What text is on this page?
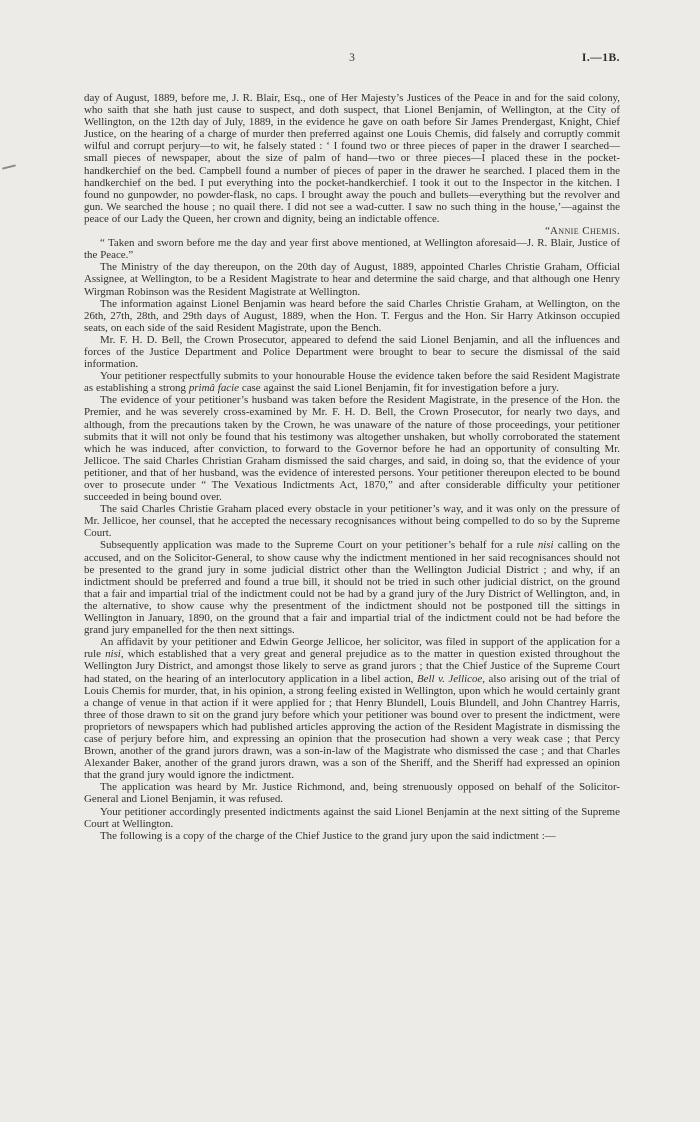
3	I.—1B.

day of August, 1889, before me, J. R. Blair, Esq., one of Her Majesty’s Justices of the Peace in and for the said colony, who saith that she hath just cause to suspect, and doth suspect, that Lionel Benjamin, of Wellington, at the City of Wellington, on the 12th day of July, 1889, in the evidence he gave on oath before Sir James Prendergast, Knight, Chief Justice, on the hearing of a charge of murder then preferred against one Louis Chemis, did falsely and corruptly commit wilful and corrupt perjury—to wit, he falsely stated : ‘ I found two or three pieces of paper in the drawer I searched—small pieces of newspaper, about the size of palm of hand—two or three pieces—I placed these in the pocket-handkerchief on the bed. Campbell found a number of pieces of paper in the drawer he searched. I placed them in the handkerchief on the bed. I put everything into the pocket-handkerchief. I took it out to the Inspector in the kitchen. I found no gunpowder, no powder-flask, no caps. I brought away the pouch and bullets—everything but the revolver and gun. We searched the house ; no quail there. I did not see a wad-cutter. I saw no such thing in the house,’—against the peace of our Lady the Queen, her crown and dignity, being an indictable offence.

“Annie Chemis.

“ Taken and sworn before me the day and year first above mentioned, at Wellington aforesaid—J. R. Blair, Justice of the Peace.”

The Ministry of the day thereupon, on the 20th day of August, 1889, appointed Charles Christie Graham, Official Assignee, at Wellington, to be a Resident Magistrate to hear and determine the said charge, and that although one Henry Wirgman Robinson was the Resident Magistrate at Wellington.

The information against Lionel Benjamin was heard before the said Charles Christie Graham, at Wellington, on the 26th, 27th, 28th, and 29th days of August, 1889, when the Hon. T. Fergus and the Hon. Sir Harry Atkinson occupied seats, on each side of the said Resident Magistrate, upon the Bench.

Mr. F. H. D. Bell, the Crown Prosecutor, appeared to defend the said Lionel Benjamin, and all the influences and forces of the Justice Department and Police Department were brought to bear to secure the dismissal of the said information.

Your petitioner respectfully submits to your honourable House the evidence taken before the said Resident Magistrate as establishing a strong primâ facie case against the said Lionel Benjamin, fit for investigation before a jury.

The evidence of your petitioner’s husband was taken before the Resident Magistrate, in the presence of the Hon. the Premier, and he was severely cross-examined by Mr. F. H. D. Bell, the Crown Prosecutor, for nearly two days, and although, from the precautions taken by the Crown, he was unaware of the nature of those proceedings, your petitioner submits that it will not only be found that his testimony was altogether unshaken, but wholly corroborated the statement which he was induced, after conviction, to forward to the Governor before he had an opportunity of consulting Mr. Jellicoe. The said Charles Christian Graham dismissed the said charges, and said, in doing so, that the evidence of your petitioner, and that of her husband, was the evidence of interested persons. Your petitioner thereupon elected to be bound over to prosecute under “ The Vexatious Indictments Act, 1870,” and after considerable difficulty your petitioner succeeded in being bound over.

The said Charles Christie Graham placed every obstacle in your petitioner’s way, and it was only on the pressure of Mr. Jellicoe, her counsel, that he accepted the necessary recognisances without being compelled to do so by the Supreme Court.

Subsequently application was made to the Supreme Court on your petitioner’s behalf for a rule nisi calling on the accused, and on the Solicitor-General, to show cause why the indictment mentioned in her said recognisances should not be presented to the grand jury in some judicial district other than the Wellington Judicial District ; and why, if an indictment should be preferred and found a true bill, it should not be tried in such other judicial district, on the ground that a fair and impartial trial of the indictment could not be had by a grand jury of the Jury District of Wellington, and, in the alternative, to show cause why the presentment of the indictment should not be postponed till the sittings in Wellington in January, 1890, on the ground that a fair and impartial trial of the indictment could not be had before the grand jury empanelled for the then next sittings.

An affidavit by your petitioner and Edwin George Jellicoe, her solicitor, was filed in support of the application for a rule nisi, which established that a very great and general prejudice as to the matter in question existed throughout the Wellington Jury District, and amongst those likely to serve as grand jurors ; that the Chief Justice of the Supreme Court had stated, on the hearing of an interlocutory application in a libel action, Bell v. Jellicoe, also arising out of the trial of Louis Chemis for murder, that, in his opinion, a strong feeling existed in Wellington, upon which he would certainly grant a change of venue in that action if it were applied for ; that Henry Blundell, Louis Blundell, and John Chantrey Harris, three of those drawn to sit on the grand jury before which your petitioner was bound over to present the indictment, were proprietors of newspapers which had published articles approving the action of the Resident Magistrate in dismissing the case of perjury before him, and expressing an opinion that the prosecution had shown a very weak case ; that Percy Brown, another of the grand jurors drawn, was a son-in-law of the Magistrate who dismissed the case ; and that Charles Alexander Baker, another of the grand jurors drawn, was a son of the Sheriff, and the Sheriff had expressed an opinion that the grand jury would ignore the indictment.

The application was heard by Mr. Justice Richmond, and, being strenuously opposed on behalf of the Solicitor-General and Lionel Benjamin, it was refused.

Your petitioner accordingly presented indictments against the said Lionel Benjamin at the next sitting of the Supreme Court at Wellington.

The following is a copy of the charge of the Chief Justice to the grand jury upon the said indictment :—
